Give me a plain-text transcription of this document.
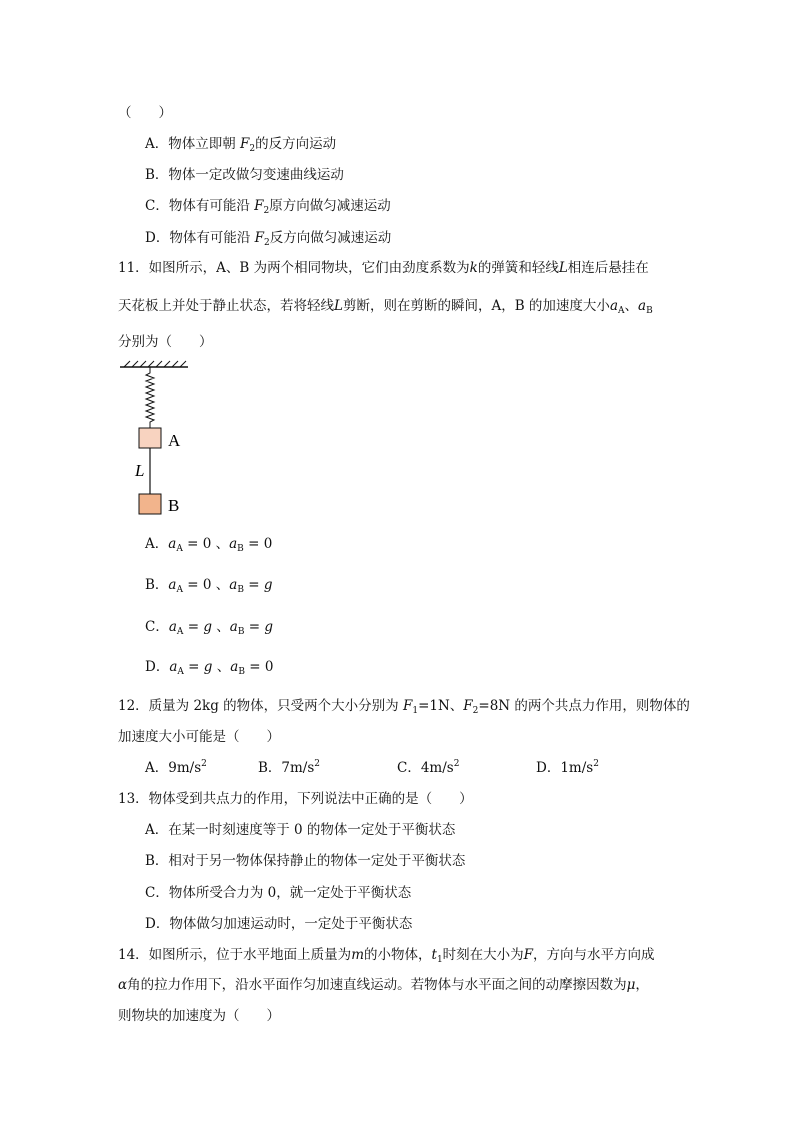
（　　）
A．物体立即朝 $F_2$的反方向运动
B．物体一定改做匀变速曲线运动
C．物体有可能沿 $F_2$原方向做匀减速运动
D．物体有可能沿 $F_2$反方向做匀减速运动
11．如图所示，A、B 为两个相同物块，它们由劲度系数为k的弹簧和轻线L相连后悬挂在
天花板上并处于静止状态，若将轻线L剪断，则在剪断的瞬间，A，B 的加速度大小$a_A$、$a_B$
分别为（　　）
A
L
B
A．$a_A = 0$ 、$a_B = 0$
B．$a_A = 0$ 、$a_B = g$
C．$a_A = g$ 、$a_B = g$
D．$a_A = g$ 、$a_B = 0$
12．质量为 2kg 的物体，只受两个大小分别为 $F_1=1N$、$F_2=8N$ 的两个共点力作用，则物体的
加速度大小可能是（　　）
A．$9m/s^2$	B．$7m/s^2$	C．$4m/s^2$	D．$1m/s^2$
13．物体受到共点力的作用，下列说法中正确的是（　　）
A．在某一时刻速度等于 0 的物体一定处于平衡状态
B．相对于另一物体保持静止的物体一定处于平衡状态
C．物体所受合力为 0，就一定处于平衡状态
D．物体做匀加速运动时，一定处于平衡状态
14．如图所示，位于水平地面上质量为m的小物体，$t_1$时刻在大小为F，方向与水平方向成
α角的拉力作用下，沿水平面作匀加速直线运动。若物体与水平面之间的动摩擦因数为μ，
则物块的加速度为（　　）
